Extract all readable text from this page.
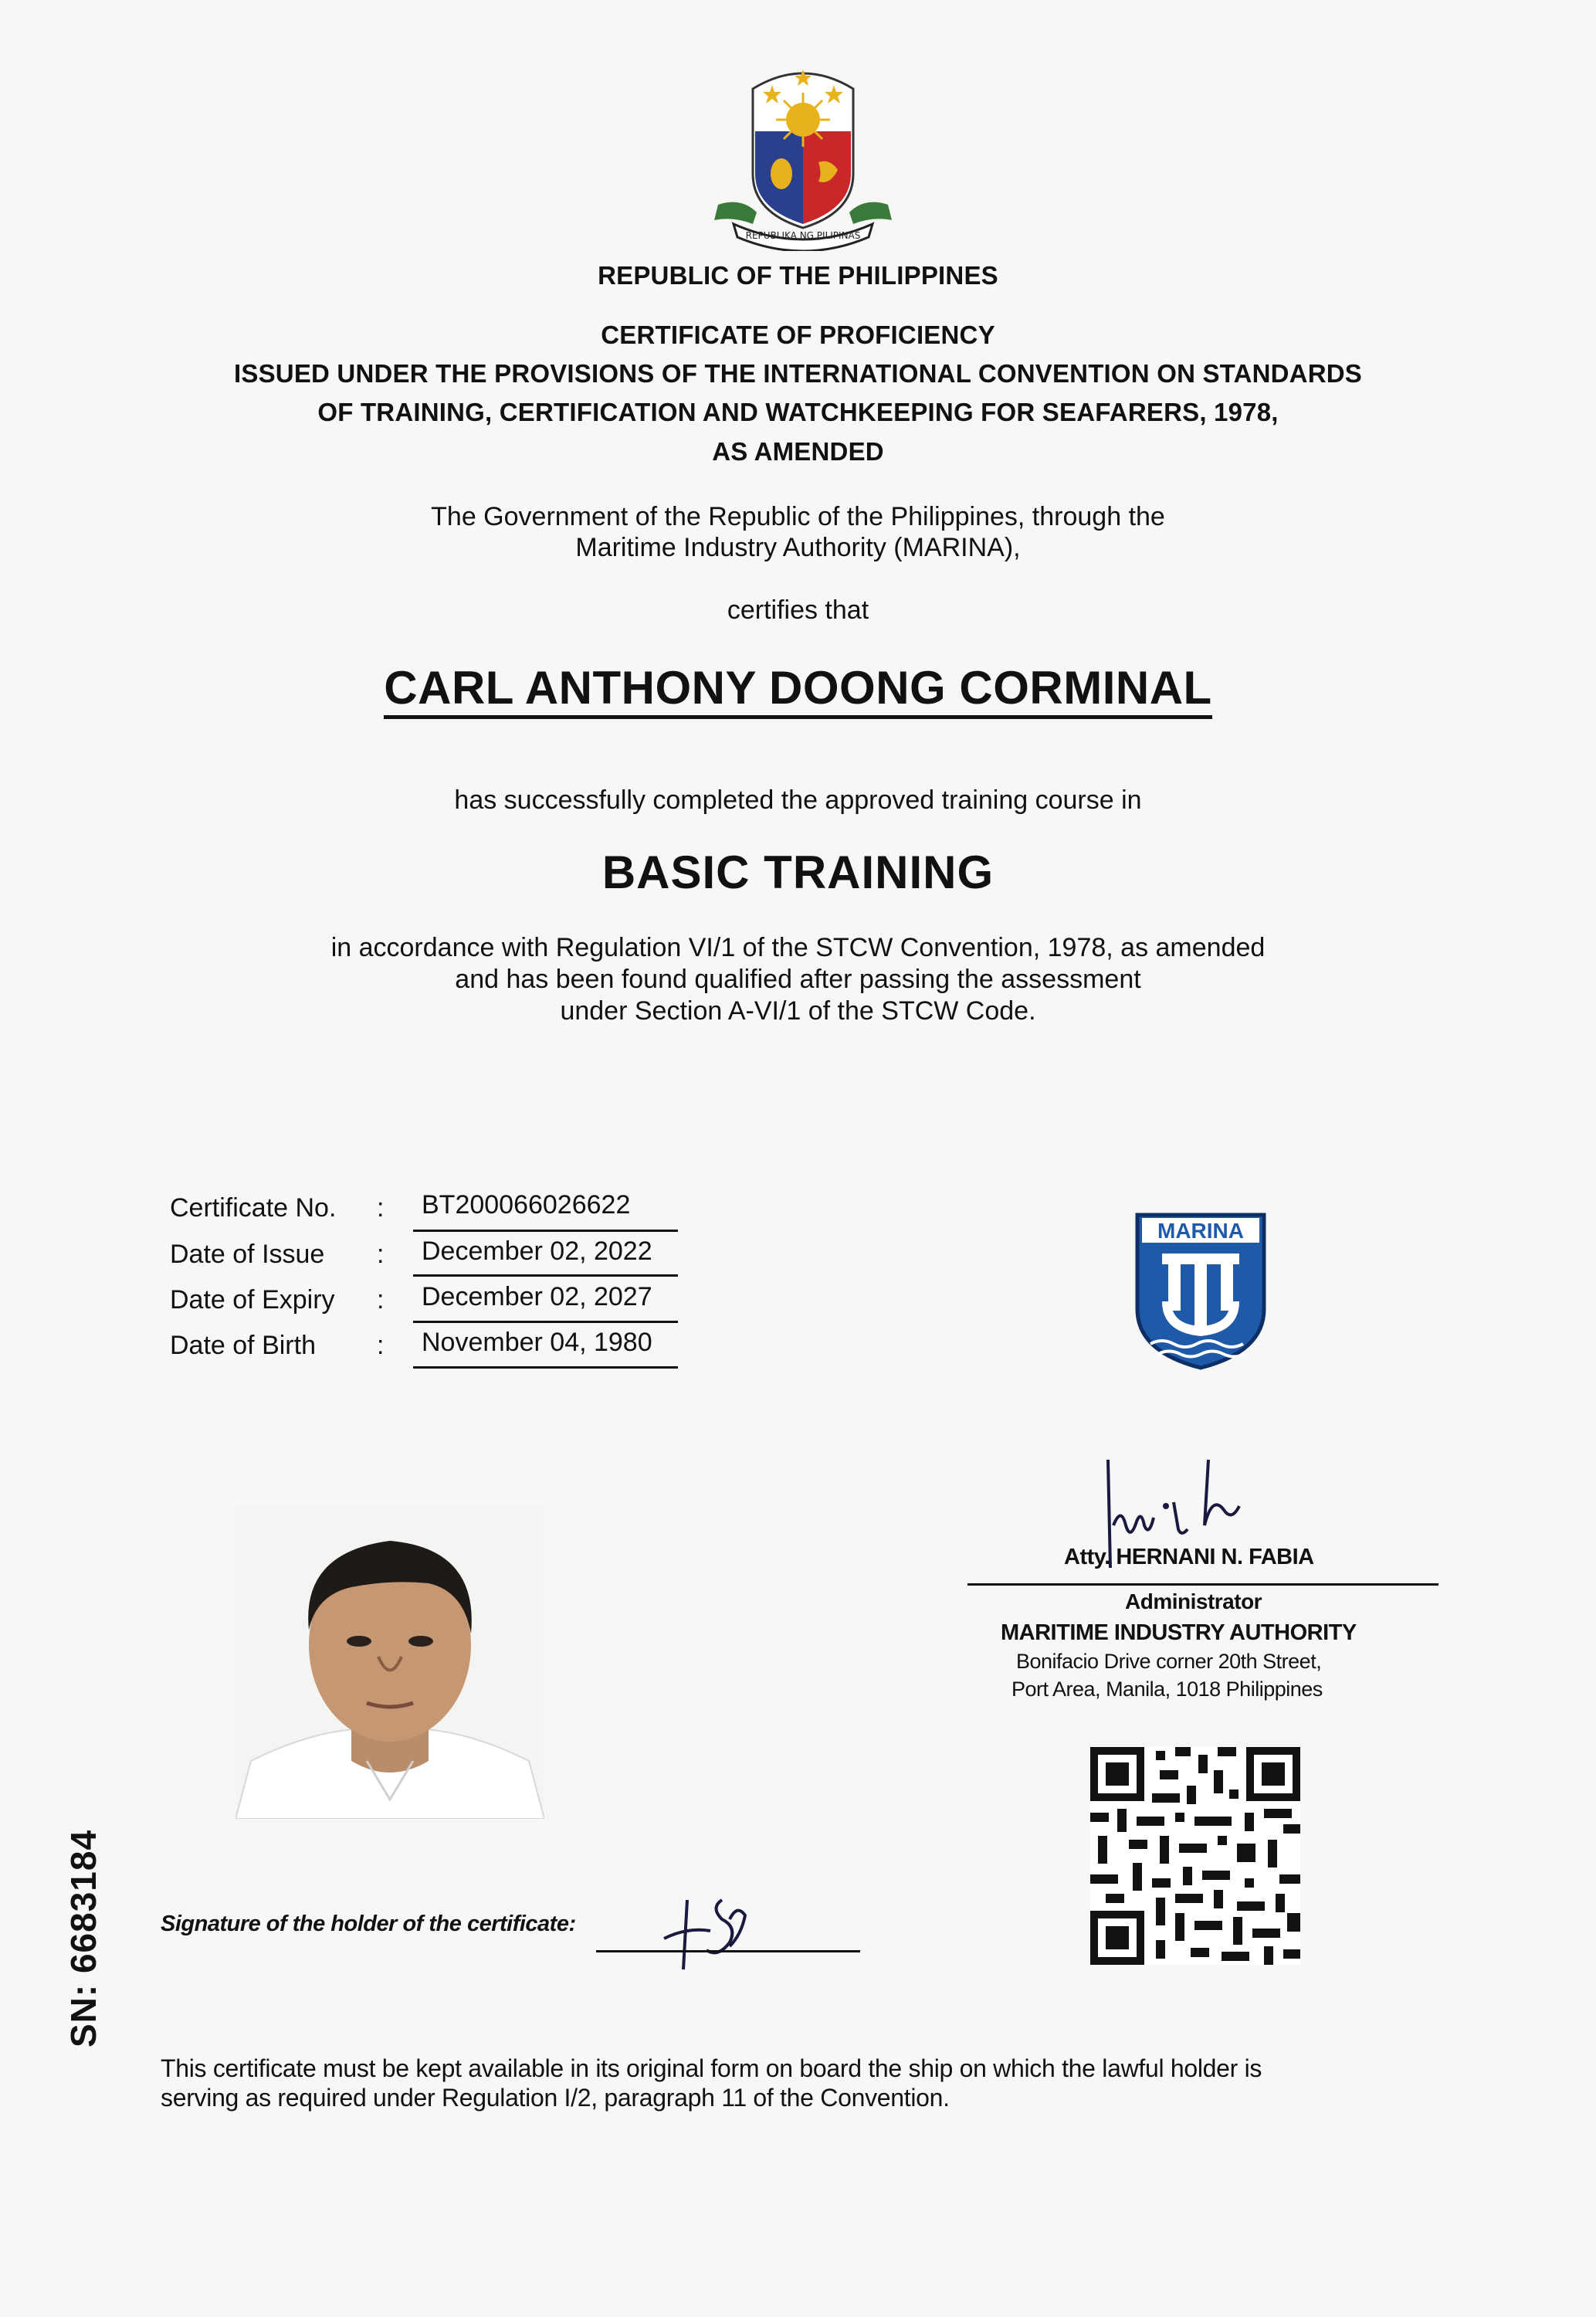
REPUBLIKA NG PILIPINAS
REPUBLIC OF THE PHILIPPINES
CERTIFICATE OF PROFICIENCY
ISSUED UNDER THE PROVISIONS OF THE INTERNATIONAL CONVENTION ON STANDARDS
OF TRAINING, CERTIFICATION AND WATCHKEEPING FOR SEAFARERS, 1978,
AS AMENDED
The Government of the Republic of the Philippines, through the
Maritime Industry Authority (MARINA),
certifies that
CARL ANTHONY DOONG CORMINAL
has successfully completed the approved training course in
BASIC TRAINING
in accordance with Regulation VI/1 of the STCW Convention, 1978, as amended
and has been found qualified after passing the assessment
under Section A-VI/1 of the STCW Code.
Certificate No. : BT200066026622
Date of Issue : December 02, 2022
Date of Expiry : December 02, 2027
Date of Birth : November 04, 1980
MARINA
Atty. HERNANI N. FABIA
Administrator
MARITIME INDUSTRY AUTHORITY
Bonifacio Drive corner 20th Street,
Port Area, Manila, 1018 Philippines
Signature of the holder of the certificate:
SN: 6683184
This certificate must be kept available in its original form on board the ship on which the lawful holder is
serving as required under Regulation I/2, paragraph 11 of the Convention.
